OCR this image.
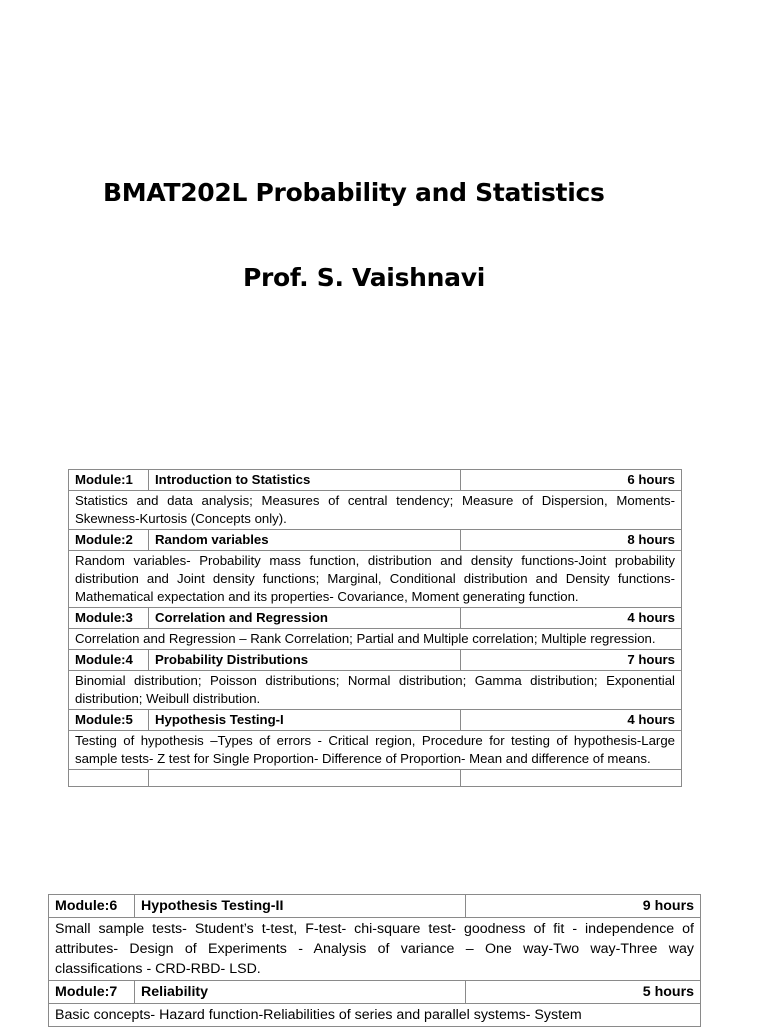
BMAT202L Probability and Statistics
Prof. S. Vaishnavi
Module:1	Introduction to Statistics	6 hours
Statistics and data analysis; Measures of central tendency; Measure of Dispersion, Moments-Skewness-Kurtosis (Concepts only).		
Module:2	Random variables	8 hours
Random variables- Probability mass function, distribution and density functions-Joint probability distribution and Joint density functions; Marginal, Conditional distribution and Density functions- Mathematical expectation and its properties- Covariance, Moment generating function.		
Module:3	Correlation and Regression	4 hours
Correlation and Regression – Rank Correlation; Partial and Multiple correlation; Multiple regression.		
Module:4	Probability Distributions	7 hours
Binomial distribution; Poisson distributions; Normal distribution; Gamma distribution; Exponential distribution; Weibull distribution.		
Module:5	Hypothesis Testing-I	4 hours
Testing of hypothesis –Types of errors - Critical region, Procedure for testing of hypothesis-Large sample tests- Z test for Single Proportion- Difference of Proportion- Mean and difference of means.		

Module:6	Hypothesis Testing-II	9 hours
Small sample tests- Student’s t-test, F-test- chi-square test- goodness of fit - independence of attributes- Design of Experiments - Analysis of variance – One way-Two way-Three way classifications - CRD-RBD- LSD.		
Module:7	Reliability	5 hours
Basic concepts- Hazard function-Reliabilities of series and parallel systems- System		
